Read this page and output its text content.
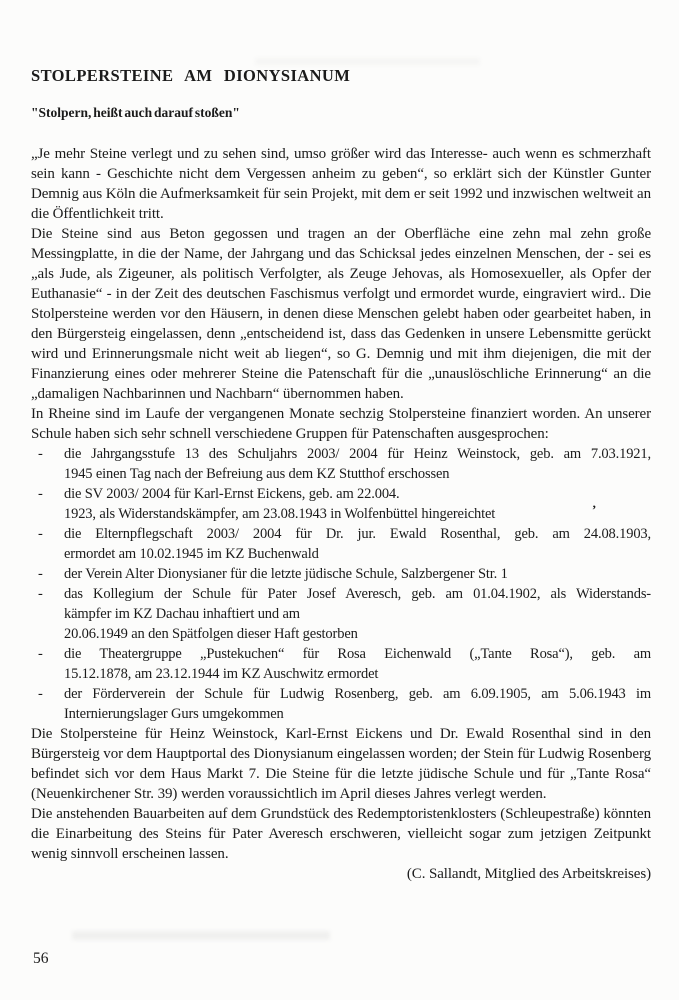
STOLPERSTEINE AM DIONYSIANUM
"Stolpern, heißt auch darauf stoßen"
„Je mehr Steine verlegt und zu sehen sind, umso größer wird das Interesse- auch wenn es schmerzhaft sein kann - Geschichte nicht dem Vergessen anheim zu geben“, so erklärt sich der Künstler Gunter Demnig aus Köln die Aufmerksamkeit für sein Projekt, mit dem er seit 1992 und inzwischen weltweit an die Öffentlichkeit tritt.
Die Steine sind aus Beton gegossen und tragen an der Oberfläche eine zehn mal zehn große Messingplatte, in die der Name, der Jahrgang und das Schicksal jedes einzelnen Menschen, der - sei es „als Jude, als Zigeuner, als politisch Verfolgter, als Zeuge Jehovas, als Homosexueller, als Opfer der Euthanasie“ - in der Zeit des deutschen Faschismus verfolgt und ermordet wurde, eingraviert wird.. Die Stolpersteine werden vor den Häusern, in denen diese Menschen gelebt haben oder gearbeitet haben, in den Bürgersteig eingelassen, denn „entscheidend ist, dass das Gedenken in unsere Lebensmitte gerückt wird und Erinnerungsmale nicht weit ab liegen“, so G. Demnig und mit ihm diejenigen, die mit der Finanzierung eines oder mehrerer Steine die Patenschaft für die „unauslöschliche Erinnerung“ an die „damaligen Nachbarinnen und Nachbarn“ übernommen haben.
In Rheine sind im Laufe der vergangenen Monate sechzig Stolpersteine finanziert worden. An unserer Schule haben sich sehr schnell verschiedene Gruppen für Patenschaften ausgesprochen:
-	die Jahrgangsstufe 13 des Schuljahrs 2003/ 2004 für Heinz Weinstock, geb. am 7.03.1921,
1945 einen Tag nach der Befreiung aus dem KZ Stutthof erschossen
-	die SV 2003/ 2004 für Karl-Ernst Eickens, geb. am 22.004.
1923, als Widerstandskämpfer, am 23.08.1943 in Wolfenbüttel hingereichtet
-	die Elternpflegschaft 2003/ 2004 für Dr. jur. Ewald Rosenthal, geb. am 24.08.1903,
ermordet am 10.02.1945 im KZ Buchenwald
-	der Verein Alter Dionysianer für die letzte jüdische Schule, Salzbergener Str. 1
-	das Kollegium der Schule für Pater Josef Averesch, geb. am 01.04.1902, als Widerstands-
kämpfer im KZ Dachau inhaftiert und am
20.06.1949 an den Spätfolgen dieser Haft gestorben
-	die Theatergruppe „Pustekuchen“ für Rosa Eichenwald („Tante Rosa“), geb. am
15.12.1878, am 23.12.1944 im KZ Auschwitz ermordet
-	der Förderverein der Schule für Ludwig Rosenberg, geb. am 6.09.1905, am 5.06.1943 im
Internierungslager Gurs umgekommen
Die Stolpersteine für Heinz Weinstock, Karl-Ernst Eickens und Dr. Ewald Rosenthal sind in den Bürgersteig vor dem Hauptportal des Dionysianum eingelassen worden; der Stein für Ludwig Rosenberg befindet sich vor dem Haus Markt 7. Die Steine für die letzte jüdische Schule und für „Tante Rosa“ (Neuenkirchener Str. 39) werden voraussichtlich im April dieses Jahres verlegt werden.
Die anstehenden Bauarbeiten auf dem Grundstück des Redemptoristenklosters (Schleupestraße) könnten die Einarbeitung des Steins für Pater Averesch erschweren, vielleicht sogar zum jetzigen Zeitpunkt wenig sinnvoll erscheinen lassen.
(C. Sallandt, Mitglied des Arbeitskreises)
’
56
